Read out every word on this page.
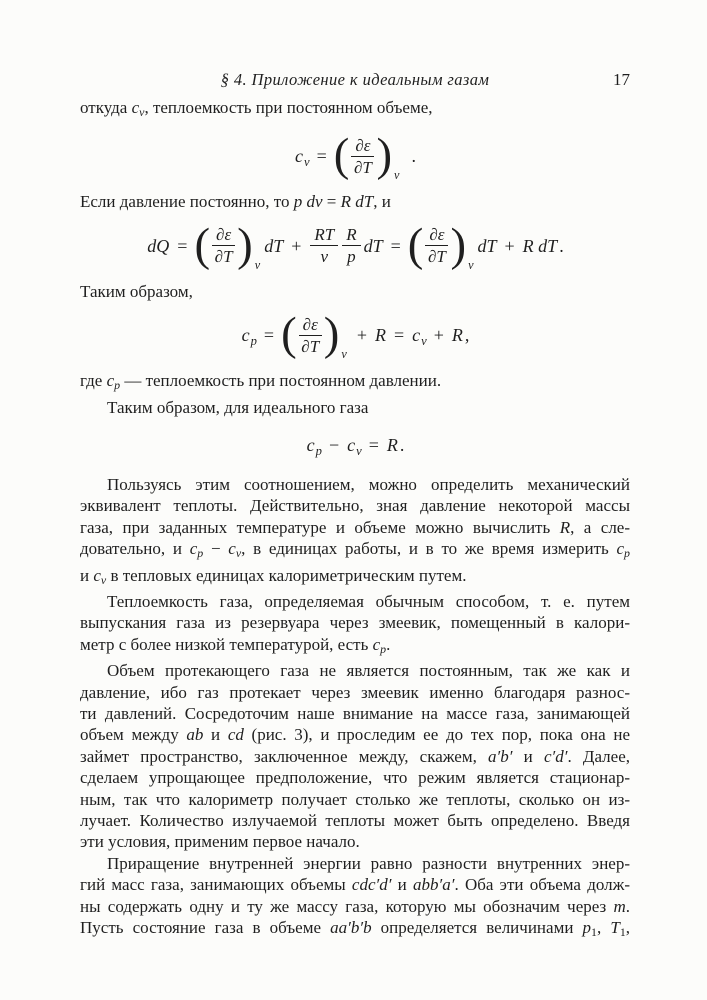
§ 4. Приложение к идеальным газам	17
откуда cv, теплоемкость при постоянном объеме,
$c_v$ = ( $\frac{\partial\varepsilon}{\partial T}$ ) v.
Если давление постоянно, то p dv = R dT, и
dQ = ( $\frac{\partial\varepsilon}{\partial T}$ ) vdT + $\frac{RT}{v} \frac{R}{p}$ dT = ( $\frac{\partial\varepsilon}{\partial T}$ ) vdT + R dT .
Таким образом,
$c_p$ = ( $\frac{\partial\varepsilon}{\partial T}$ ) $v+ R = c_v + R$ ,
где cp — теплоемкость при постоянном давлении.
Таким образом, для идеального газа
$c_p - c_v = R$ .
Пользуясь этим соотношением, можно определить механический
эквивалент теплоты. Действительно, зная давление некоторой массы
газа, при заданных температуре и объеме можно вычислить R, а сле-
довательно, и cp − cv, в единицах работы, и в то же время измерить cp
и cv в тепловых единицах калориметрическим путем.
Теплоемкость газа, определяемая обычным способом, т. е. путем
выпускания газа из резервуара через змеевик, помещенный в калори-
метр с более низкой температурой, есть cp.
Объем протекающего газа не является постоянным, так же как и
давление, ибо газ протекает через змеевик именно благодаря разнос-
ти давлений. Сосредоточим наше внимание на массе газа, занимающей
объем между ab и cd (рис. 3), и проследим ее до тех пор, пока она не
займет пространство, заключенное между, скажем, a′b′ и c′d′. Далее,
сделаем упрощающее предположение, что режим является стационар-
ным, так что калориметр получает столько же теплоты, сколько он из-
лучает. Количество излучаемой теплоты может быть определено. Введя
эти условия, применим первое начало.
Приращение внутренней энергии равно разности внутренних энер-
гий масс газа, занимающих объемы cdc′d′ и abb′a′. Оба эти объема долж-
ны содержать одну и ту же массу газа, которую мы обозначим через m.
Пусть состояние газа в объеме aa′b′b определяется величинами p1, T1,
